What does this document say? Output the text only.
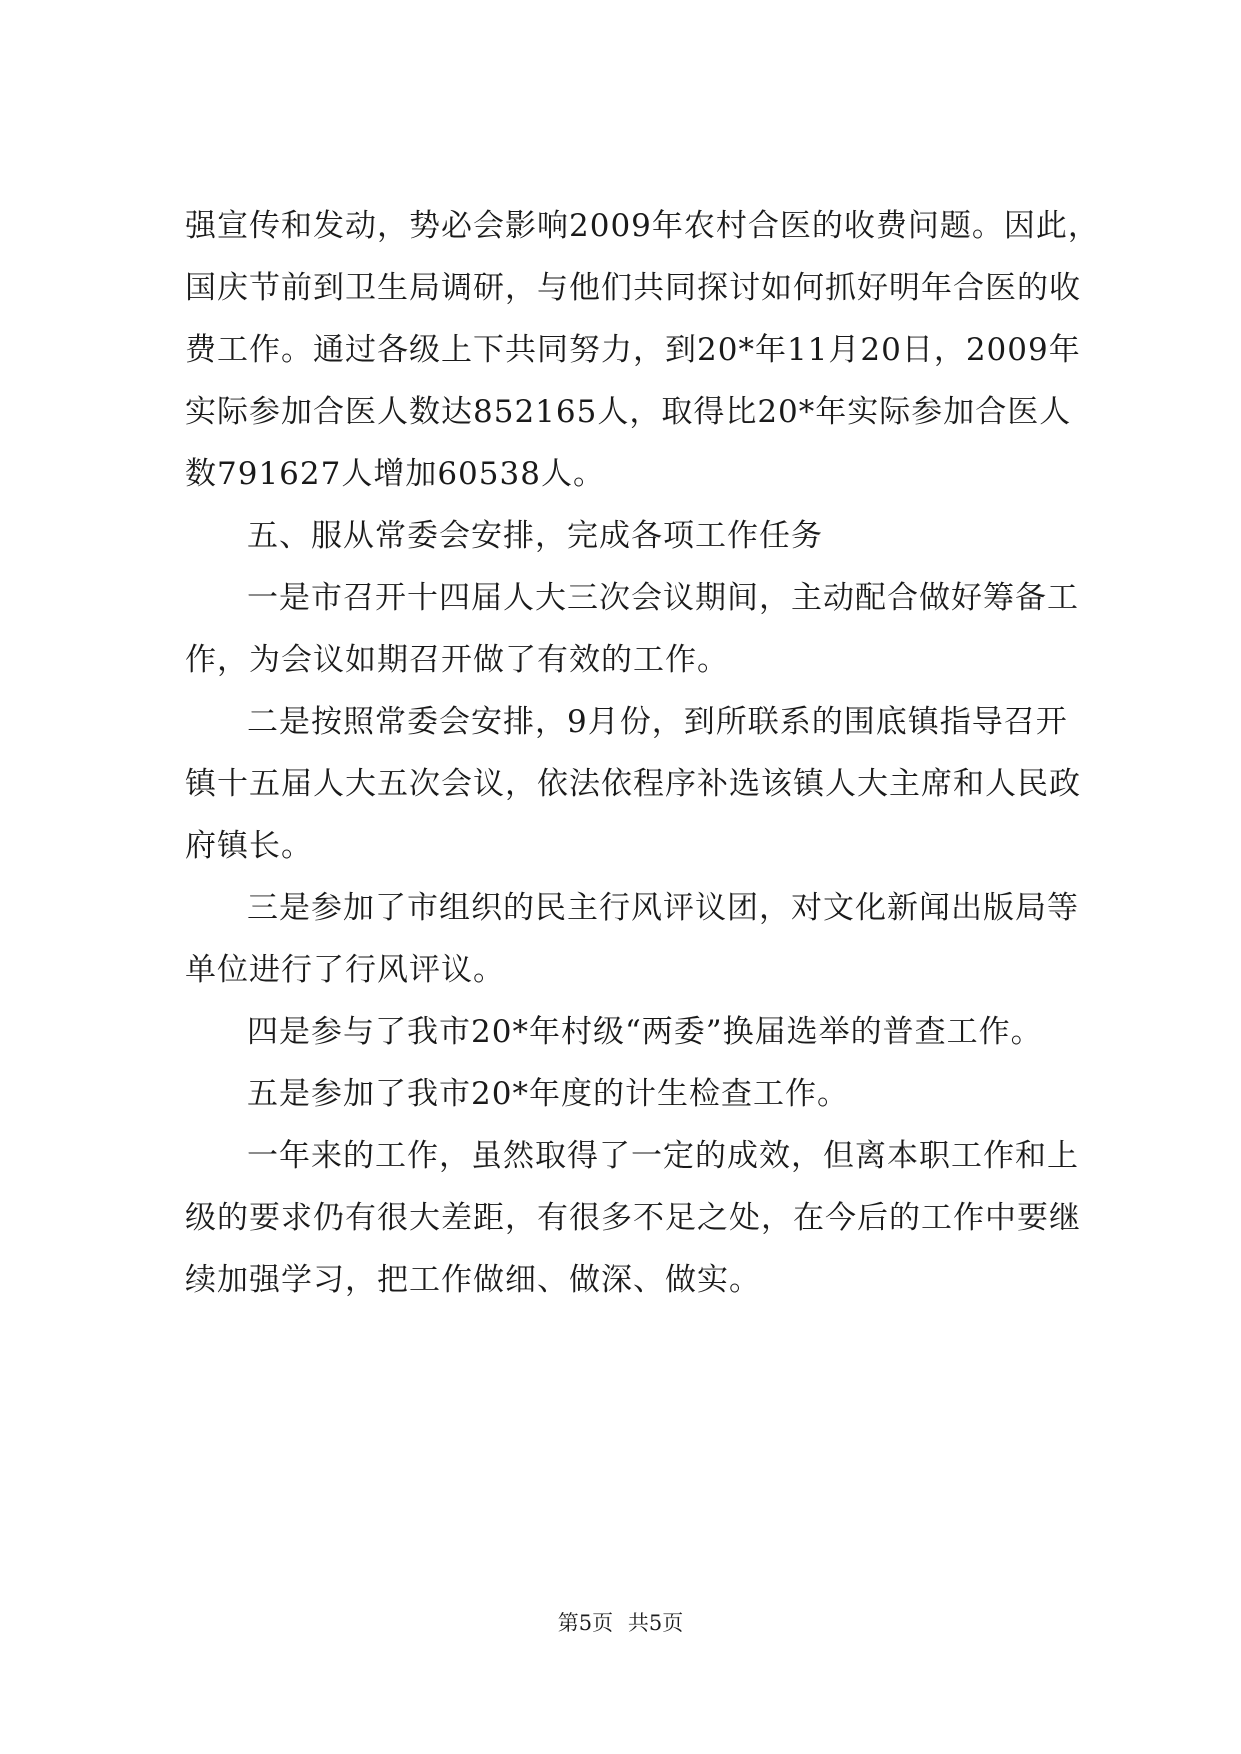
强宣传和发动，势必会影响2009年农村合医的收费问题。因此，
国庆节前到卫生局调研，与他们共同探讨如何抓好明年合医的收
费工作。通过各级上下共同努力，到20*年11月20日，2009年
实际参加合医人数达852165人，取得比20*年实际参加合医人
数791627人增加60538人。
五、服从常委会安排，完成各项工作任务
一是市召开十四届人大三次会议期间，主动配合做好筹备工
作，为会议如期召开做了有效的工作。
二是按照常委会安排，9月份，到所联系的围底镇指导召开
镇十五届人大五次会议，依法依程序补选该镇人大主席和人民政
府镇长。
三是参加了市组织的民主行风评议团，对文化新闻出版局等
单位进行了行风评议。
四是参与了我市20*年村级“两委”换届选举的普查工作。
五是参加了我市20*年度的计生检查工作。
一年来的工作，虽然取得了一定的成效，但离本职工作和上
级的要求仍有很大差距，有很多不足之处，在今后的工作中要继
续加强学习，把工作做细、做深、做实。
第5页 共5页
